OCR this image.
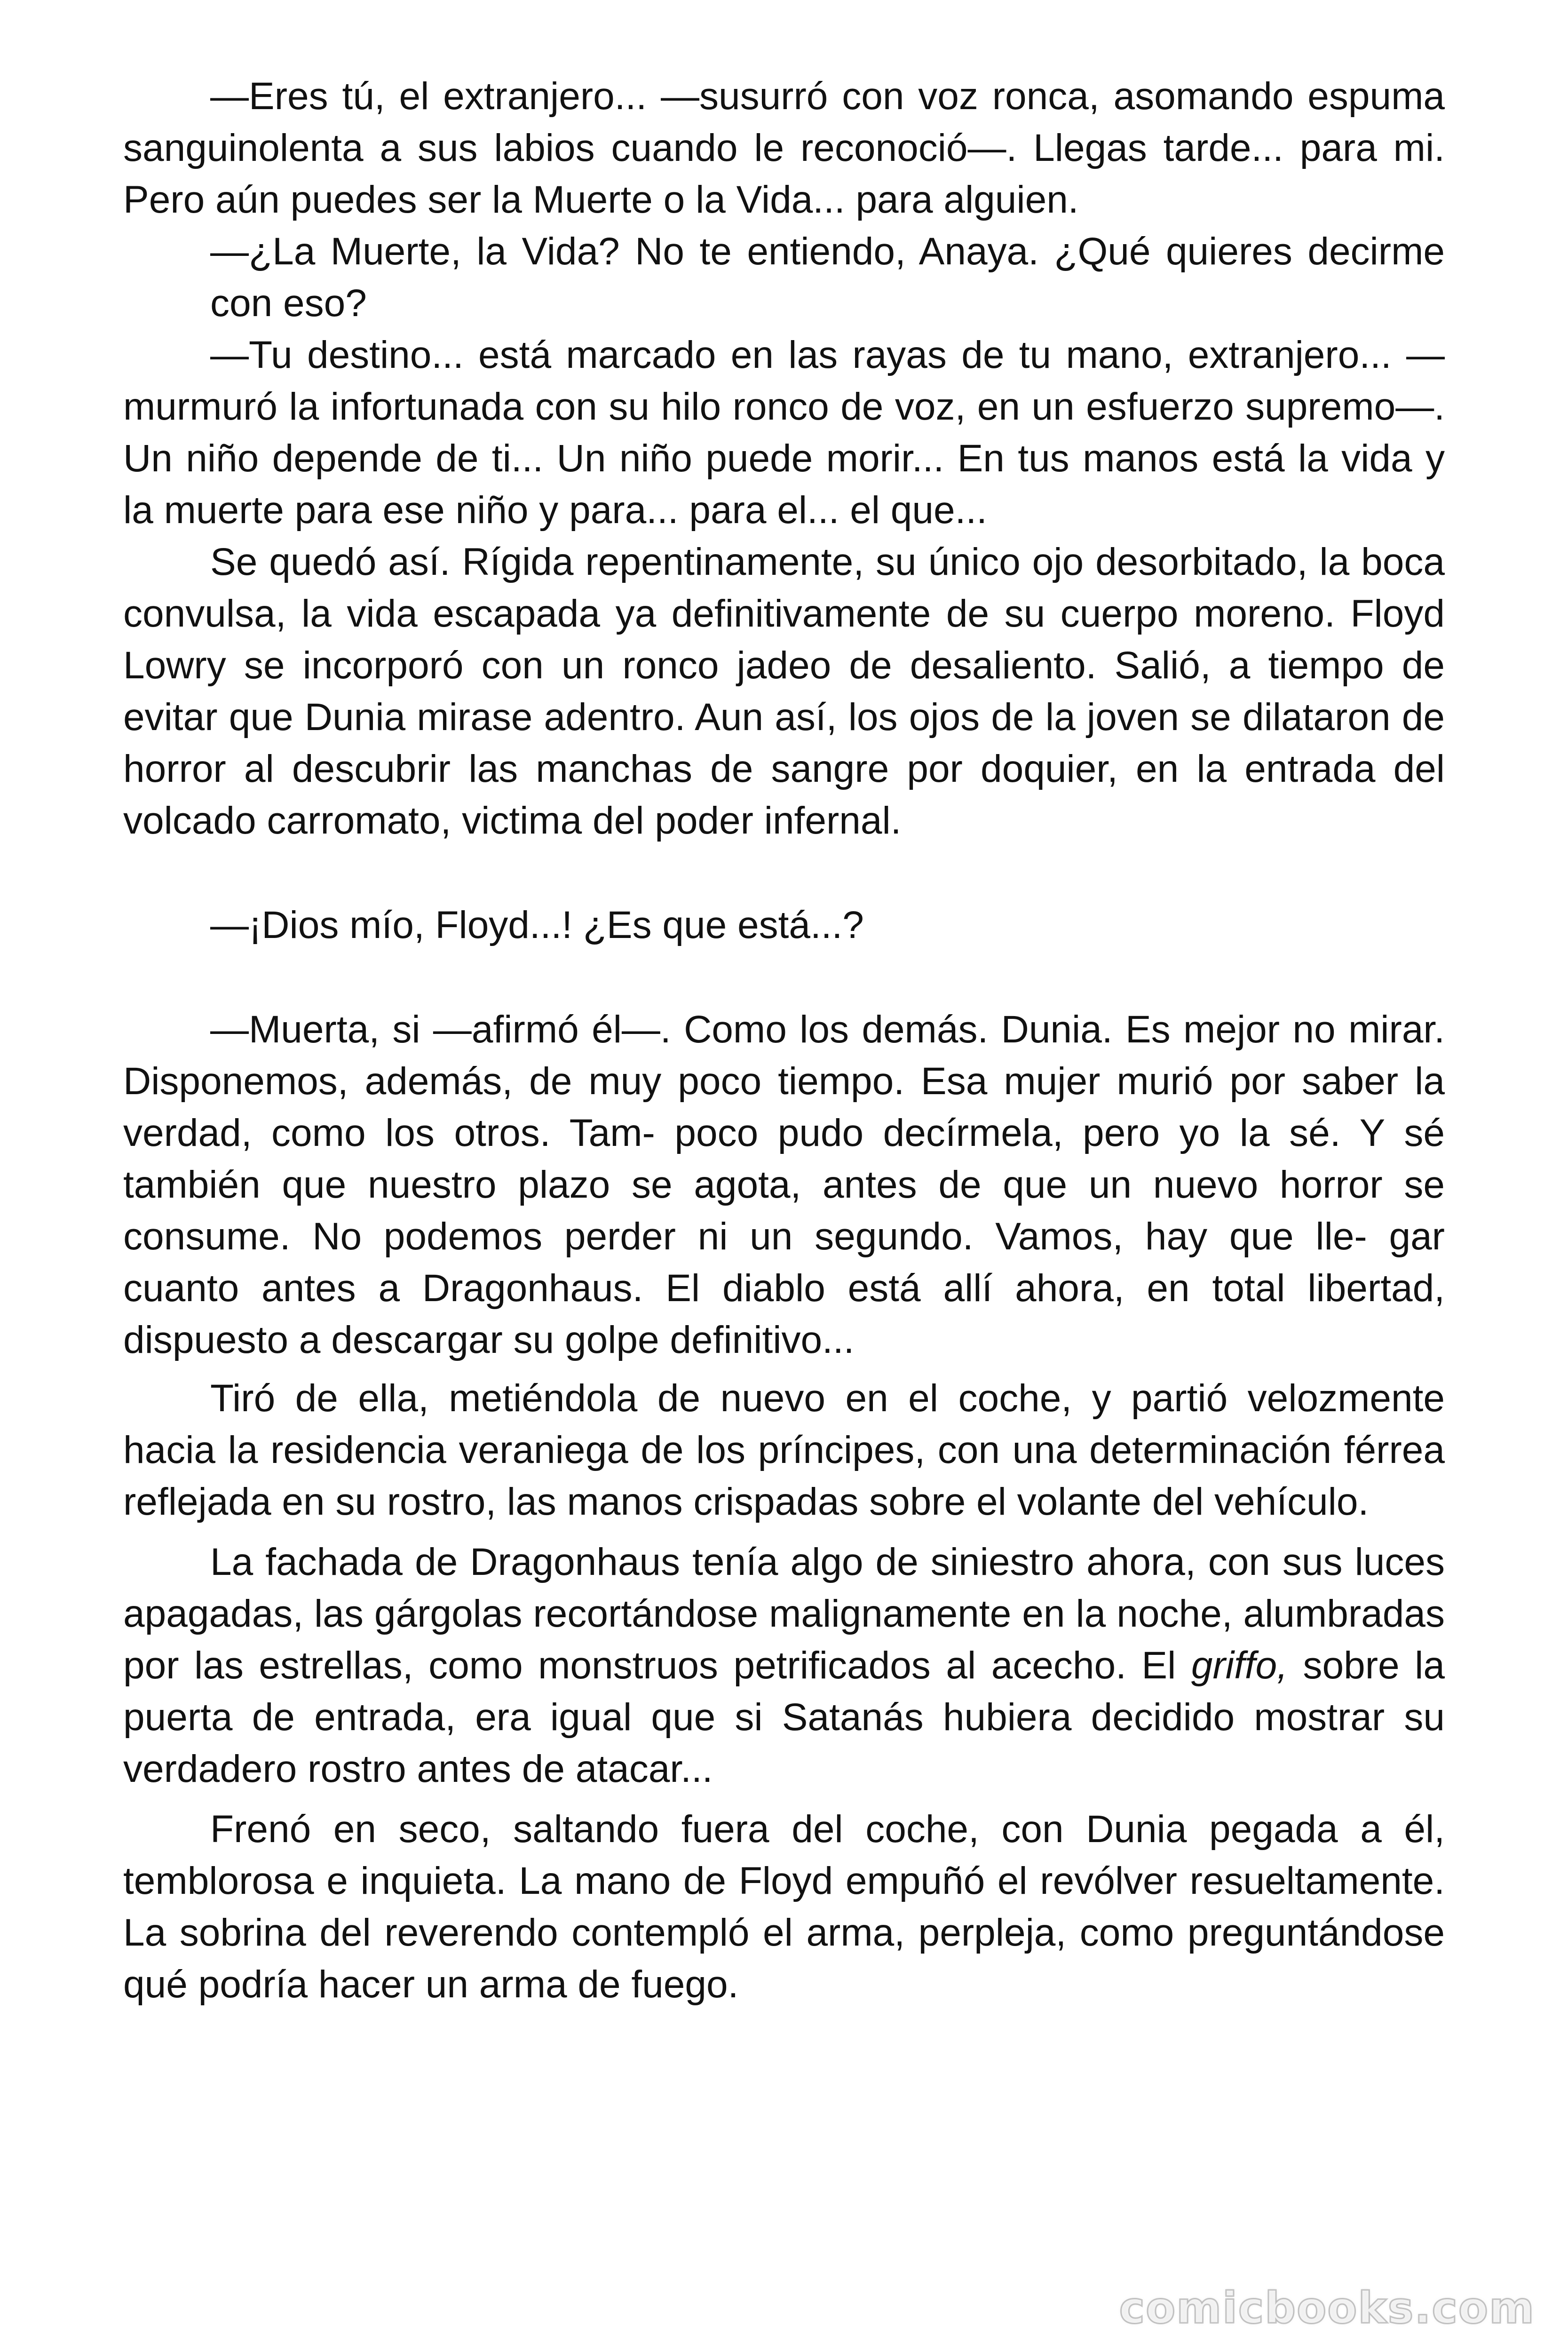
—Eres tú, el extranjero... —susurró con voz ronca, asomando espuma sanguinolenta a sus labios cuando le reconoció—. Llegas tarde... para mi. Pero aún puedes ser la Muerte o la Vida... para alguien.

—¿La Muerte, la Vida? No te entiendo, Anaya. ¿Qué quieres decirme con eso?

—Tu destino... está marcado en las rayas de tu mano, extranjero... —murmuró la infortunada con su hilo ronco de voz, en un esfuerzo supremo—. Un niño depende de ti... Un niño puede morir... En tus manos está la vida y la muerte para ese niño y para... para el... el que...

Se quedó así. Rígida repentinamente, su único ojo desorbitado, la boca convulsa, la vida escapada ya definitivamente de su cuerpo moreno. Floyd Lowry se incorporó con un ronco jadeo de desaliento. Salió, a tiempo de evitar que Dunia mirase adentro. Aun así, los ojos de la joven se dilataron de horror al descubrir las manchas de sangre por doquier, en la entrada del volcado carromato, victima del poder infernal.

—¡Dios mío, Floyd...! ¿Es que está...?

—Muerta, si —afirmó él—. Como los demás. Dunia. Es mejor no mirar. Disponemos, además, de muy poco tiempo. Esa mujer murió por saber la verdad, como los otros. Tam- poco pudo decírmela, pero yo la sé. Y sé también que nuestro plazo se agota, antes de que un nuevo horror se consume. No podemos perder ni un segundo. Vamos, hay que lle- gar cuanto antes a Dragonhaus. El diablo está allí ahora, en total libertad, dispuesto a descargar su golpe definitivo...

Tiró de ella, metiéndola de nuevo en el coche, y partió velozmente hacia la residencia veraniega de los príncipes, con una determinación férrea reflejada en su rostro, las manos crispadas sobre el volante del vehículo.

La fachada de Dragonhaus tenía algo de siniestro ahora, con sus luces apagadas, las gárgolas recortándose malignamente en la noche, alumbradas por las estrellas, como monstruos petrificados al acecho. El griffo, sobre la puerta de entrada, era igual que si Satanás hubiera decidido mostrar su verdadero rostro antes de atacar...

Frenó en seco, saltando fuera del coche, con Dunia pegada a él, temblorosa e inquieta. La mano de Floyd empuñó el revólver resueltamente. La sobrina del reverendo contempló el arma, perpleja, como preguntándose qué podría hacer un arma de fuego.

comicbooks.com
